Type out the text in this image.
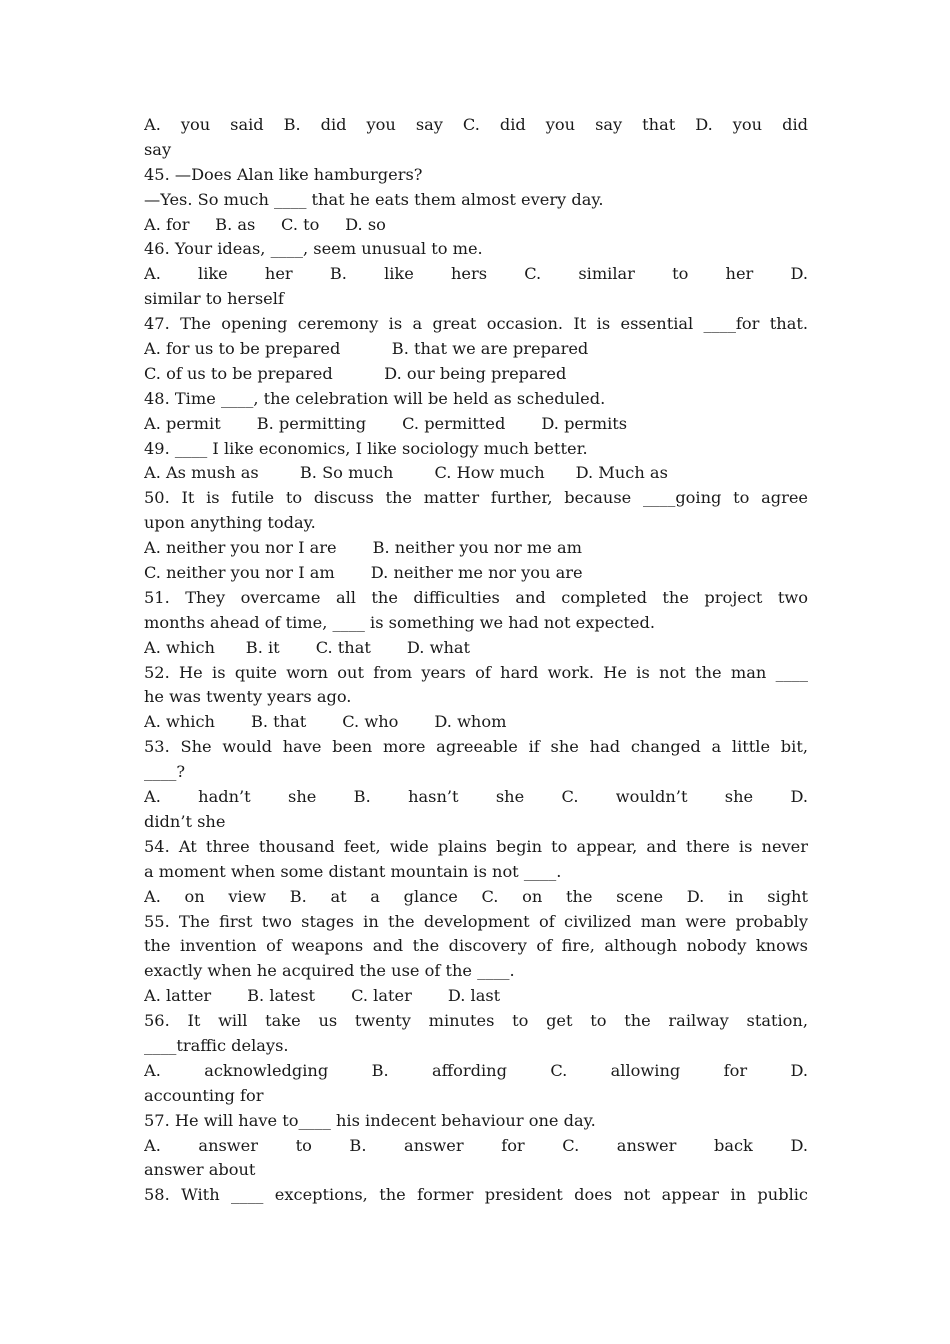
A. you said B. did you say C. did you say that D. you did
say
45. —Does Alan like hamburgers?
—Yes. So much ____ that he eats them almost every day.
A. for     B. as     C. to     D. so
46. Your ideas, ____, seem unusual to me.
A. like her B. like hers C. similar to her D.
similar to herself
47. The opening ceremony is a great occasion. It is essential ____for that.
A. for us to be prepared          B. that we are prepared
C. of us to be prepared          D. our being prepared
48. Time ____, the celebration will be held as scheduled.
A. permit       B. permitting       C. permitted       D. permits
49. ____ I like economics, I like sociology much better.
A. As mush as        B. So much        C. How much      D. Much as
50. It is futile to discuss the matter further, because ____going to agree
upon anything today.
A. neither you nor I are       B. neither you nor me am
C. neither you nor I am       D. neither me nor you are
51. They overcame all the difficulties and completed the project two
months ahead of time, ____ is something we had not expected.
A. which      B. it       C. that       D. what
52. He is quite worn out from years of hard work. He is not the man ____
he was twenty years ago.
A. which       B. that       C. who       D. whom
53. She would have been more agreeable if she had changed a little bit,
____?
A. hadn’t she B. hasn’t she C. wouldn’t she D.
didn’t she
54. At three thousand feet, wide plains begin to appear, and there is never
a moment when some distant mountain is not ____.
A. on view B. at a glance C. on the scene D. in sight
55. The first two stages in the development of civilized man were probably
the invention of weapons and the discovery of fire, although nobody knows
exactly when he acquired the use of the ____.
A. latter       B. latest       C. later       D. last
56. It will take us twenty minutes to get to the railway station,
____traffic delays.
A. acknowledging B. affording C. allowing for D.
accounting for
57. He will have to____ his indecent behaviour one day.
A. answer to B. answer for C. answer back D.
answer about
58. With ____ exceptions, the former president does not appear in public
